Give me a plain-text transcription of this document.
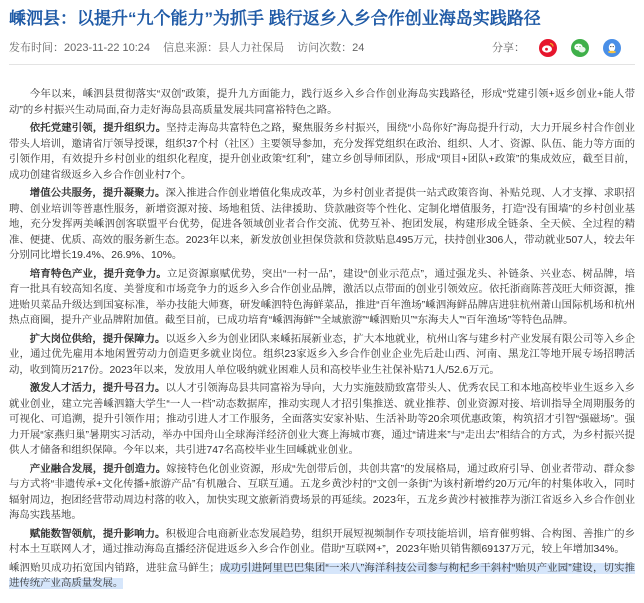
嵊泗县：以提升“九个能力”为抓手 践行返乡入乡合作创业海岛实践路径
发布时间：2023-11-22 10:24 信息来源：县人力社保局 访问次数：24	分享：

今年以来，嵊泗县贯彻落实“双创”政策，提升九方面能力，践行返乡入乡合作创业海岛实践路径，形成“党建引领+返乡创业+能人带动”的乡村振兴生动局面,奋力走好海岛县高质量发展共同富裕特色之路。

依托党建引领，提升组织力。坚持走海岛共富特色之路，聚焦服务乡村振兴，围绕“小岛你好”海岛提升行动，大力开展乡村合作创业带头人培训，邀请省厅领导授课，组织37个村（社区）主要领导参加，充分发挥党组织在政治、组织、人才、资源、队伍、能力等方面的引领作用，有效提升乡村创业的组织化程度，提升创业政策“红利”，建立乡创导师团队，形成“项目+团队+政策”的集成效应，截至目前，成功创建省级返乡入乡合作创业村7个。

增值公共服务，提升凝聚力。深入推进合作创业增值化集成改革，为乡村创业者提供一站式政策咨询、补贴兑现、人才支撑、求职招聘、创业培训等普惠性服务，新增资源对接、场地租赁、法律援助、贷款融资等个性化、定制化增值服务，打造“没有围墙”的乡村创业基地，充分发挥两美嵊泗创客联盟平台优势，促进各领域创业者合作交流、优势互补、抱团发展，构建形成全链条、全天候、全过程的精准、便捷、优质、高效的服务新生态。2023年以来，新发放创业担保贷款和贷款贴息495万元，扶持创业306人，带动就业507人，较去年分别同比增长19.4%、26.9%、10%。

培育特色产业，提升竞争力。立足资源禀赋优势，突出“一村一品”，建设“创业示范点”，通过强龙头、补链条、兴业态、树品牌，培育一批具有较高知名度、美誉度和市场竞争力的返乡入乡合作创业品牌，激活以点带面的创业引领效应。依托浙商陈菩茂旺大师资源，推进贻贝菜品升级达到国宴标准，举办技能大师赛，研发嵊泗特色海鲜菜品，推进“百年渔场”嵊泗海鲜品牌店进驻杭州萧山国际机场和杭州热点商圈，提升产业品牌附加值。截至目前，已成功培育“嵊泗海鲜”“全域旅游”“嵊泗贻贝”“东海夫人”“百年渔场”等特色品牌。

扩大岗位供给，提升保障力。以返乡入乡为创业团队来嵊拓展新业态，扩大本地就业，杭州山客与建乡村产业发展有限公司等入乡企业，通过优先雇用本地闲置劳动力创造更多就业岗位。组织23家返乡入乡合作创业企业先后赴山西、河南、黑龙江等地开展专场招聘活动，收到简历217份。2023年以来，发放用人单位吸纳就业困难人员和高校毕业生社保补贴71人/52.6万元。

激发人才活力，提升号召力。以人才引领海岛县共同富裕为导向，大力实施鼓励致富带头人、优秀农民工和本地高校毕业生返乡入乡就业创业，建立完善嵊泗籍大学生“一人一档”动态数据库，推动实现人才招引集推送、就业推荐、创业资源对接、培训指导全周期服务的可视化、可追溯，提升引领作用；推动引进人才工作服务，全面落实安家补贴、生活补助等20余项优惠政策，构筑招才引智“强磁场”。强力开展“家燕归巢”暑期实习活动，举办中国舟山全球海洋经济创业大赛上海城市赛，通过“请进来”与“走出去”相结合的方式，为乡村振兴提供人才储备和组织保障。今年以来，共引进747名高校毕业生回嵊就业创业。

产业融合发展，提升创造力。嫁接特色化创业资源，形成“先创带后创，共创共富”的发展格局，通过政府引导、创业者带动、群众参与方式将“非遗传承+文化传播+旅游产品”有机融合、互联互通。五龙乡黄沙村的“文创一条街”为该村新增约20万元/年的村集体收入，同时辐射周边，抱团经营带动周边村落的收入，加快实现文旅新消费场景的再延续。2023年，五龙乡黄沙村被推荐为浙江省返乡入乡合作创业海岛实践基地。

赋能数智领航，提升影响力。积极迎合电商新业态发展趋势，组织开展短视频制作专项技能培训，培育催剪辑、合构图、善推广的乡村本土互联网人才，通过推动海岛直播经济促进返乡入乡合作创业。借助“互联网+”，2023年贻贝销售额69137万元，较上年增加34%。

嵊泗贻贝成功拓宽国内销路，进驻盒马鲜生；成功引进阿里巴巴集团“一米八”海洋科技公司参与枸杞乡干斜村“贻贝产业园”建设，切实推进传统产业高质量发展。
